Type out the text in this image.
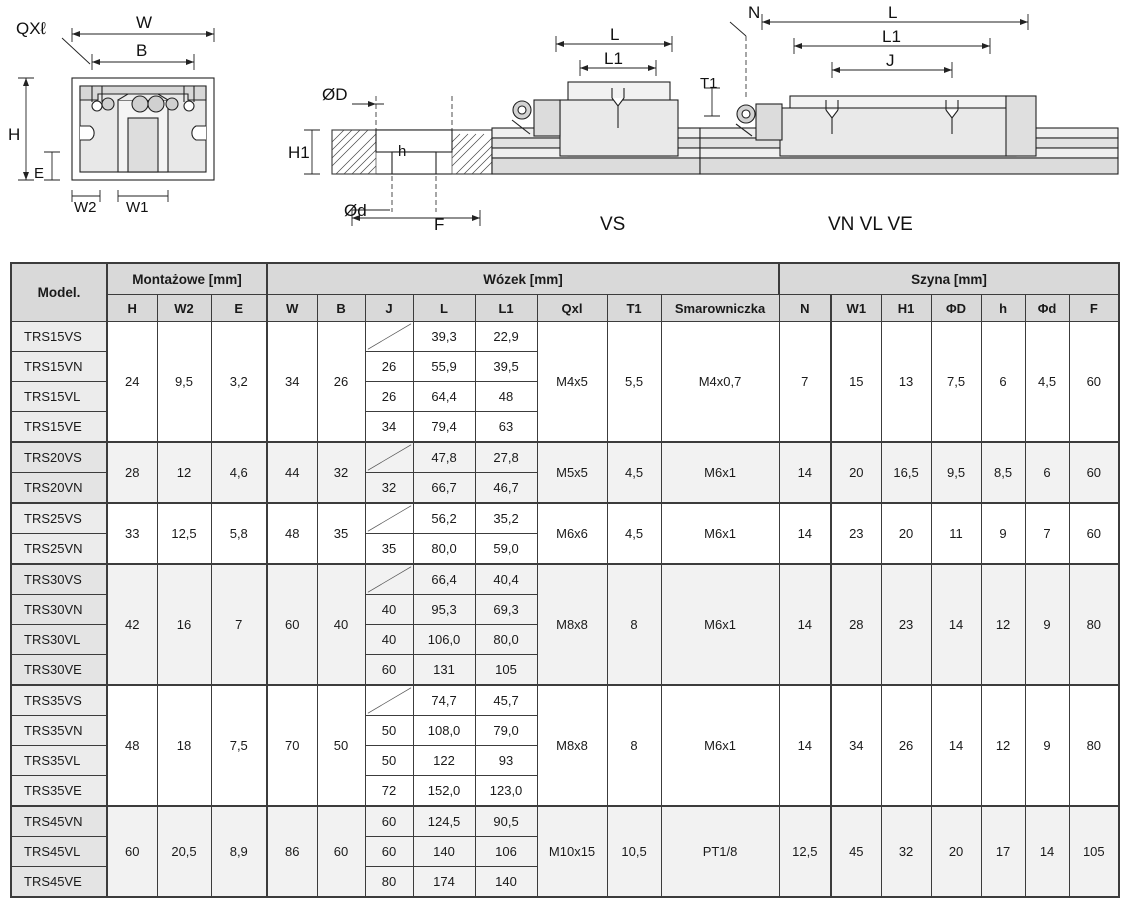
QXℓ	W
B
H
E
W2 W1
ØD
H1	h
Ød
F
L
L1
T1
N	L
L1
J
VS	VN VL VE
Model.	Montażowe [mm]			Wózek [mm]								Szyna [mm]						
	H	W2	E	W	B	J	L	L1	Qxl	T1	Smarowniczka	N	W1	H1	ΦD	h	Φd	F
TRS15VS	24	9,5	3,2	34	26		39,3	22,9	M4x5	5,5	M4x0,7	7	15	13	7,5	6	4,5	60
TRS15VN						26	55,9	39,5										
TRS15VL						26	64,4	48										
TRS15VE						34	79,4	63										
TRS20VS	28	12	4,6	44	32		47,8	27,8	M5x5	4,5	M6x1	14	20	16,5	9,5	8,5	6	60
TRS20VN						32	66,7	46,7										
TRS25VS	33	12,5	5,8	48	35		56,2	35,2	M6x6	4,5	M6x1	14	23	20	11	9	7	60
TRS25VN						35	80,0	59,0										
TRS30VS	42	16	7	60	40		66,4	40,4	M8x8	8	M6x1	14	28	23	14	12	9	80
TRS30VN						40	95,3	69,3										
TRS30VL						40	106,0	80,0										
TRS30VE						60	131	105										
TRS35VS	48	18	7,5	70	50		74,7	45,7	M8x8	8	M6x1	14	34	26	14	12	9	80
TRS35VN						50	108,0	79,0										
TRS35VL						50	122	93										
TRS35VE						72	152,0	123,0										
TRS45VN	60	20,5	8,9	86	60	60	124,5	90,5	M10x15	10,5	PT1/8	12,5	45	32	20	17	14	105
TRS45VL						60	140	106										
TRS45VE						80	174	140										
